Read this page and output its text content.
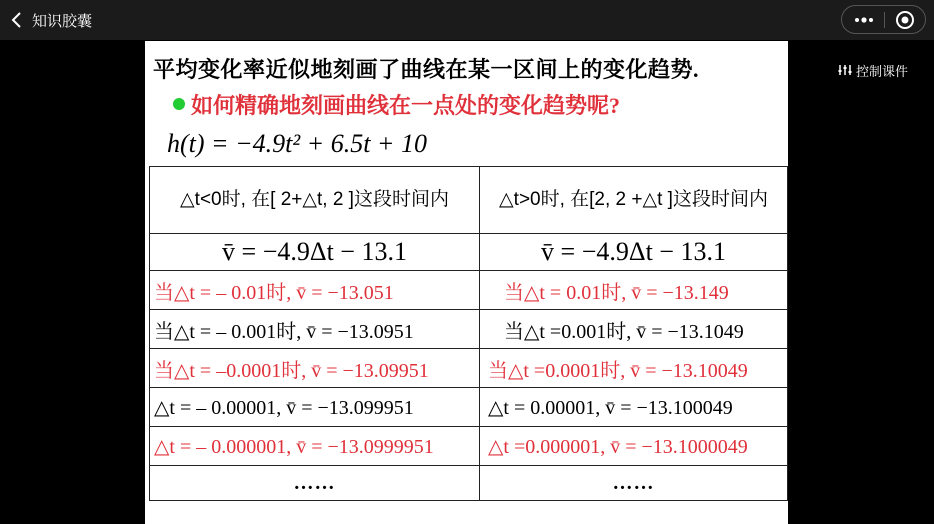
知识胶囊
控制课件
平均变化率近似地刻画了曲线在某一区间上的变化趋势.
如何精确地刻画曲线在一点处的变化趋势呢?
h(t) = −4.9t² + 6.5t + 10
△t<0时, 在[ 2+△t, 2 ]这段时间内	△t>0时, 在[2, 2 +△t ]这段时间内
v̄ = −4.9Δt − 13.1	v̄ = −4.9Δt − 13.1
当△t = – 0.01时, v̄ = −13.051	当△t = 0.01时, v̄ = −13.149
当△t = – 0.001时, v̄ = −13.0951	当△t =0.001时, v̄ = −13.1049
当△t = –0.0001时, v̄ = −13.09951	当△t =0.0001时, v̄ = −13.10049
△t = – 0.00001, v̄ = −13.099951	△t = 0.00001, v̄ = −13.100049
△t = – 0.000001, v̄ = −13.0999951	△t =0.000001, v̄ = −13.1000049
……	……
